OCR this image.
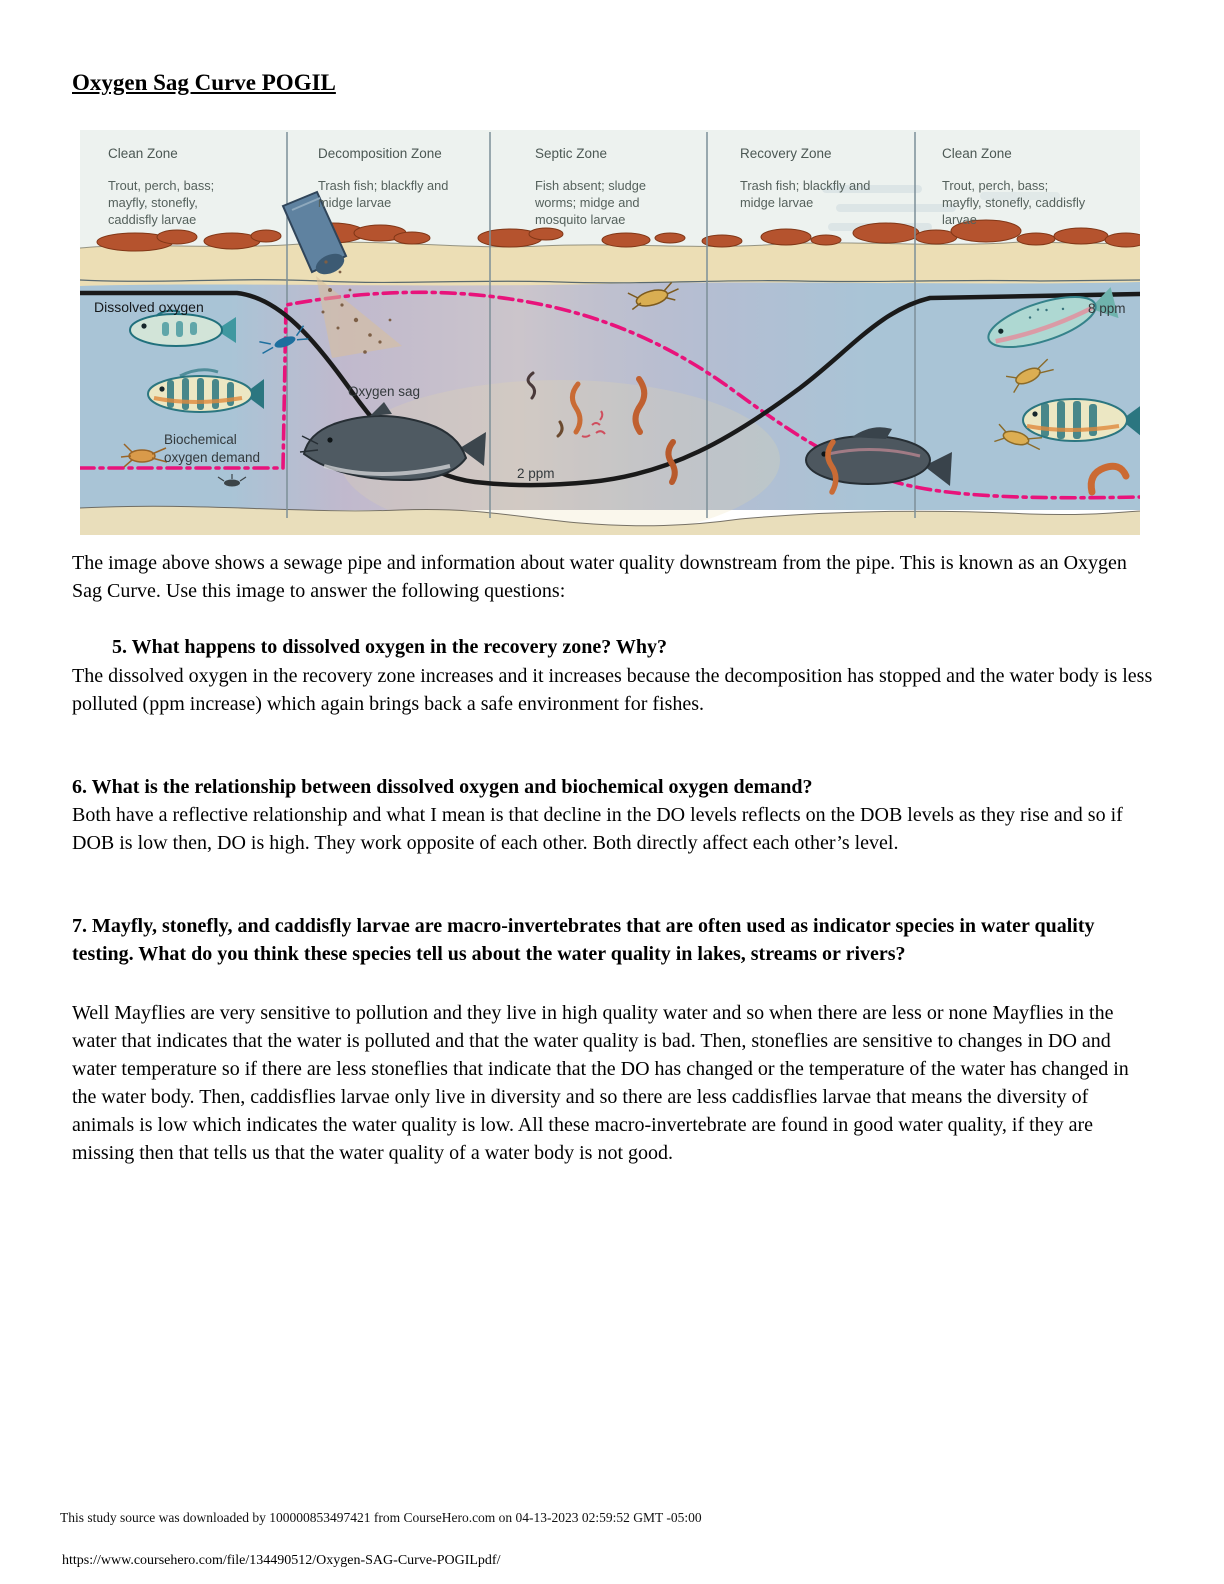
Oxygen Sag Curve POGIL
Clean Zone
Trout, perch, bass;
mayfly, stonefly,
caddisfly larvae
Decomposition Zone
Trash fish; blackfly and
midge larvae
Septic Zone
Fish absent; sludge
worms; midge and
mosquito larvae
Recovery Zone
Trash fish; blackfly and
midge larvae
Clean Zone
Trout, perch, bass;
mayfly, stonefly, caddisfly
larvae
Dissolved oxygen
Oxygen sag
Biochemical
oxygen demand
2 ppm
8 ppm

The image above shows a sewage pipe and information about water quality downstream from the pipe. This is known as an Oxygen Sag Curve. Use this image to answer the following questions:

5. What happens to dissolved oxygen in the recovery zone? Why?

The dissolved oxygen in the recovery zone increases and it increases because the decomposition has stopped and the water body is less polluted (ppm increase) which again brings back a safe environment for fishes.

6. What is the relationship between dissolved oxygen and biochemical oxygen demand?

Both have a reflective relationship and what I mean is that decline in the DO levels reflects on the DOB levels as they rise and so if DOB is low then, DO is high. They work opposite of each other. Both directly affect each other’s level.

7. Mayfly, stonefly, and caddisfly larvae are macro-invertebrates that are often used as indicator species in water quality testing. What do you think these species tell us about the water quality in lakes, streams or rivers?

Well Mayflies are very sensitive to pollution and they live in high quality water and so when there are less or none Mayflies in the water that indicates that the water is polluted and that the water quality is bad. Then, stoneflies are sensitive to changes in DO and water temperature so if there are less stoneflies that indicate that the DO has changed or the temperature of the water has changed in the water body. Then, caddisflies larvae only live in diversity and so there are less caddisflies larvae that means the diversity of animals is low which indicates the water quality is low. All these macro-invertebrate are found in good water quality, if they are missing then that tells us that the water quality of a water body is not good.

This study source was downloaded by 100000853497421 from CourseHero.com on 04-13-2023 02:59:52 GMT -05:00

https://www.coursehero.com/file/134490512/Oxygen-SAG-Curve-POGILpdf/
